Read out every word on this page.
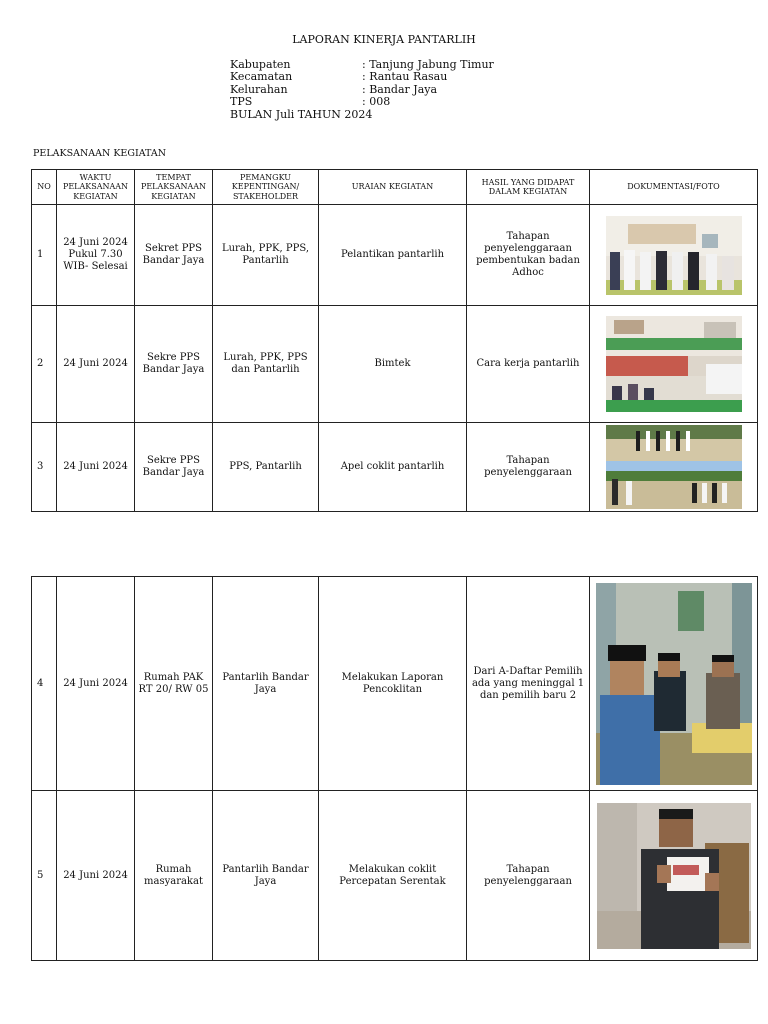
LAPORAN KINERJA PANTARLIH
Kabupaten	: Tanjung Jabung Timur
Kecamatan	: Rantau Rasau
Kelurahan	: Bandar Jaya
TPS	: 008
BULAN Juli TAHUN 2024
PELAKSANAAN KEGIATAN
NO	WAKTU PELAKSANAAN KEGIATAN	TEMPAT PELAKSANAAN KEGIATAN	PEMANGKU KEPENTINGAN/ STAKEHOLDER	URAIAN KEGIATAN	HASIL YANG DIDAPAT DALAM KEGIATAN	DOKUMENTASI/FOTO
1	24 Juni 2024 Pukul 7.30 WIB- Selesai	Sekret PPS Bandar Jaya	Lurah, PPK, PPS, Pantarlih	Pelantikan pantarlih	Tahapan penyelenggaraan pembentukan badan Adhoc	

2	24 Juni 2024	Sekre PPS Bandar Jaya	Lurah, PPK, PPS dan Pantarlih	Bimtek	Cara kerja pantarlih	

3	24 Juni 2024	Sekre PPS Bandar Jaya	PPS, Pantarlih	Apel coklit pantarlih	Tahapan penyelenggaraan	
4	24 Juni 2024	Rumah PAK RT 20/ RW 05	Pantarlih Bandar Jaya	Melakukan Laporan Pencoklitan	Dari A-Daftar Pemilih ada yang meninggal 1 dan pemilih baru 2	

5	24 Juni 2024	Rumah masyarakat	Pantarlih Bandar Jaya	Melakukan coklit Percepatan Serentak	Tahapan penyelenggaraan	
